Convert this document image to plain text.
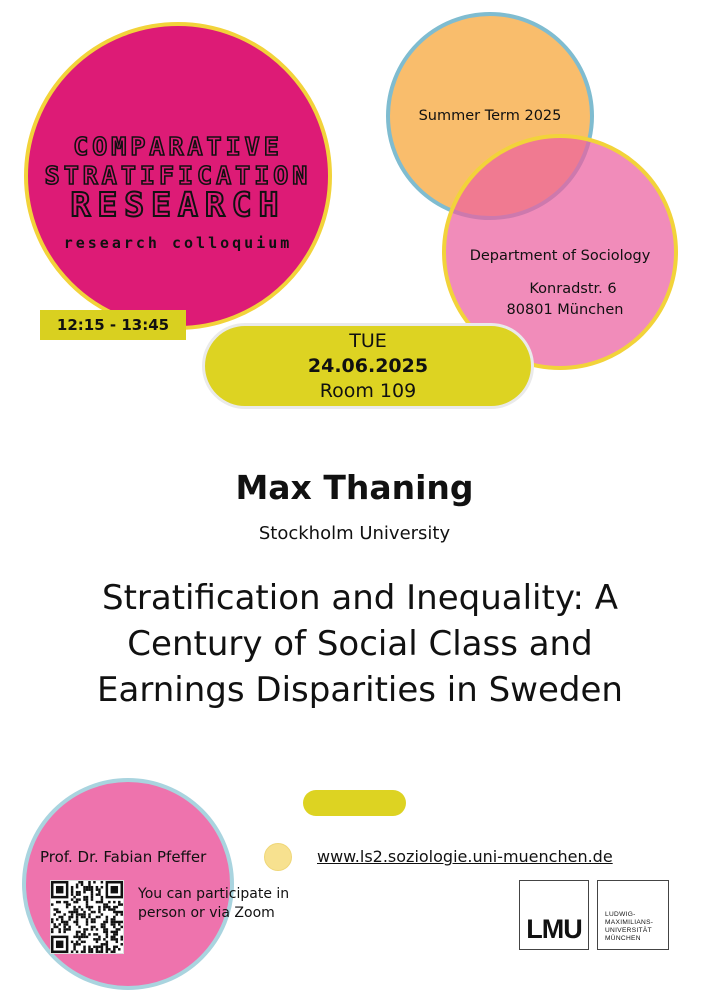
COMPARATIVE
STRATIFICATION
RESEARCH
research colloquium
12:15 - 13:45
Summer Term 2025
Department of Sociology
Konradstr. 6
80801 München
TUE
24.06.2025
Room 109
Max Thaning
Stockholm University
Stratification and Inequality: A Century of Social Class and Earnings Disparities in Sweden
Prof. Dr. Fabian Pfeffer
You can participate in person or via Zoom
www.ls2.soziologie.uni-muenchen.de
LMU	LUDWIG-
MAXIMILIANS-
UNIVERSITÄT
MÜNCHEN
